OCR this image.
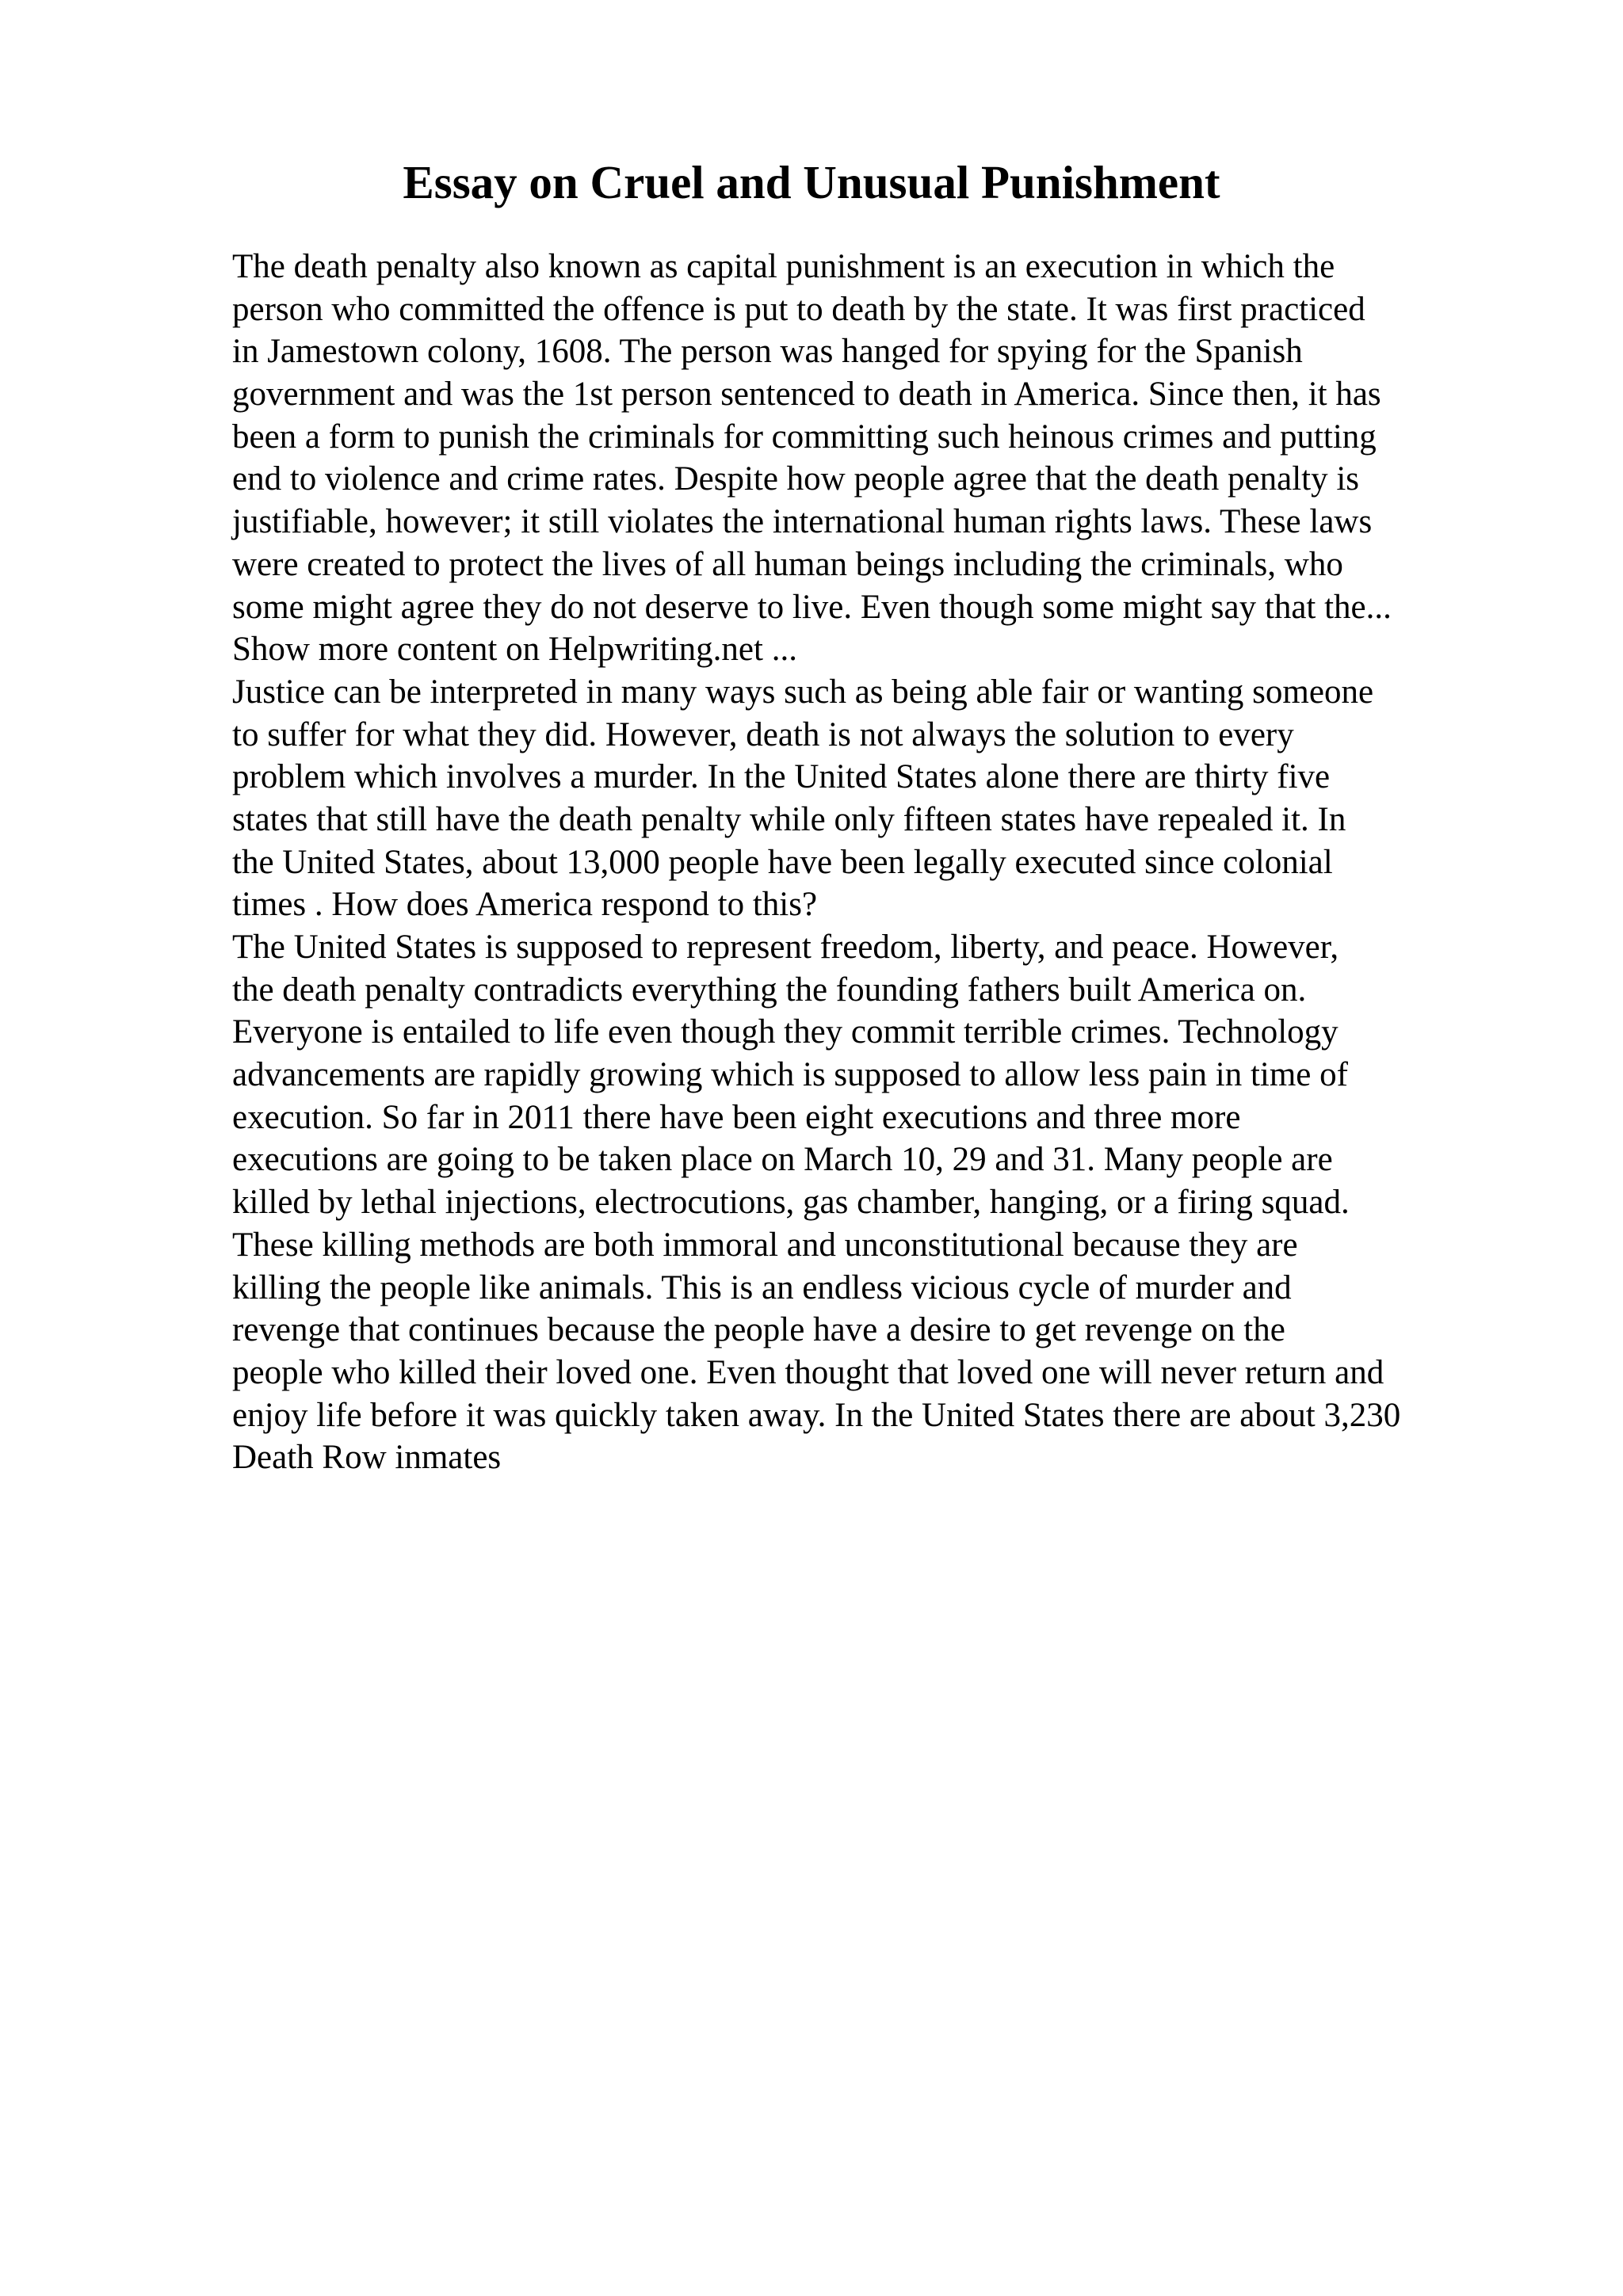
Essay on Cruel and Unusual Punishment
The death penalty also known as capital punishment is an execution in which the
person who committed the offence is put to death by the state. It was first practiced
in Jamestown colony, 1608. The person was hanged for spying for the Spanish
government and was the 1st person sentenced to death in America. Since then, it has
been a form to punish the criminals for committing such heinous crimes and putting
end to violence and crime rates. Despite how people agree that the death penalty is
justifiable, however; it still violates the international human rights laws. These laws
were created to protect the lives of all human beings including the criminals, who
some might agree they do not deserve to live. Even though some might say that the...
Show more content on Helpwriting.net ...
Justice can be interpreted in many ways such as being able fair or wanting someone
to suffer for what they did. However, death is not always the solution to every
problem which involves a murder. In the United States alone there are thirty five
states that still have the death penalty while only fifteen states have repealed it. In
the United States, about 13,000 people have been legally executed since colonial
times . How does America respond to this?
The United States is supposed to represent freedom, liberty, and peace. However,
the death penalty contradicts everything the founding fathers built America on.
Everyone is entailed to life even though they commit terrible crimes. Technology
advancements are rapidly growing which is supposed to allow less pain in time of
execution. So far in 2011 there have been eight executions and three more
executions are going to be taken place on March 10, 29 and 31. Many people are
killed by lethal injections, electrocutions, gas chamber, hanging, or a firing squad.
These killing methods are both immoral and unconstitutional because they are
killing the people like animals. This is an endless vicious cycle of murder and
revenge that continues because the people have a desire to get revenge on the
people who killed their loved one. Even thought that loved one will never return and
enjoy life before it was quickly taken away. In the United States there are about 3,230
Death Row inmates
